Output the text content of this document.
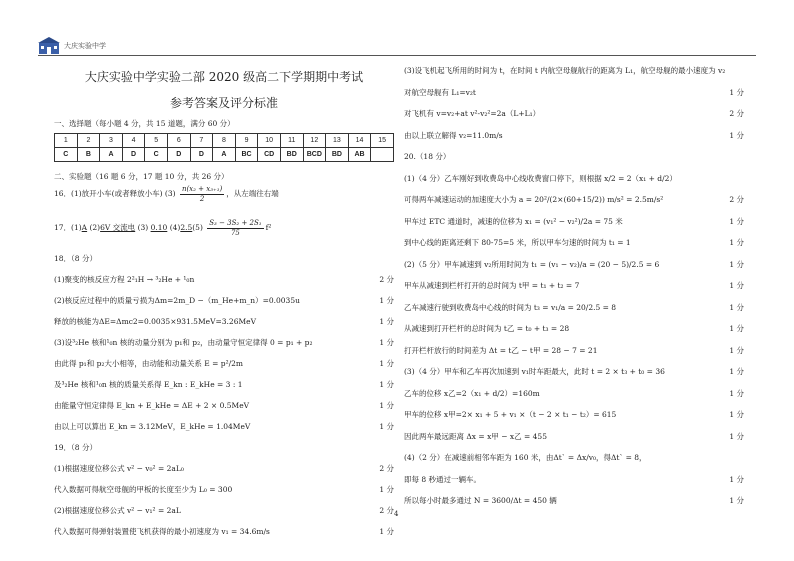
大庆实验中学
大庆实验中学实验二部 2020 级高二下学期期中考试
参考答案及评分标准
一、选择题（每小题 4 分，共 15 道题，满分 60 分）
1	2	3	4	5	6	7	8	9	10	11	12	13	14	15
C	B	A	D	C	D	D	A	BC	CD	BD	BCD	BD	AB	
二、实验题（16 题 6 分，17 题 10 分，共 26 分）
16．(1)放开小车(或者释放小车) $(3) \frac{\text{n(x₂ + x₃₊₁)}}{2}$ ，从左端往右端
17．(1)A (2)6V 交流电 (3) 0.10 $(4)2.5(5) \frac{\text{S₃ − 3S₂ + 2S₁}}{75} f^2$
18．（8 分）
(1)聚变的核反应方程 2²₁H → ³₂He + ¹₀n	2 分
(2)核反应过程中的质量亏损为Δm=2m_D −（m_He+m_n）=0.0035u	1 分
释放的核能为ΔE=Δmc2=0.0035×931.5MeV=3.26MeV	1 分
(3)设³₂He 核和¹₀n 核的动量分别为 p₁和 p₂，由动量守恒定律得 0 = p₁ + p₂	1 分
由此得 p₁和 p₂大小相等，由动能和动量关系 E = p²/2m	1 分
及³₂He 核和¹₀n 核的质量关系得 E_kn : E_kHe = 3 : 1	1 分
由能量守恒定律得 E_kn + E_kHe = ΔE + 2 × 0.5MeV	1 分
由以上可以算出 E_kn = 3.12MeV，E_kHe = 1.04MeV	1 分
19．（8 分）
(1)根据速度位移公式 v² − v₀² = 2aL₀	2 分
代入数据可得航空母舰的甲板的长度至少为 L₀ = 300	1 分
(2)根据速度位移公式 v² − v₁² = 2aL	2 分
代入数据可得弹射装置使飞机获得的最小初速度为 v₁ = 34.6m/s	1 分
(3)设飞机起飞所用的时间为 t，在时间 t 内航空母舰航行的距离为 L₁，航空母舰的最小速度为 v₂
对航空母舰有 L₁=v₂t	1 分
对飞机有 v=v₂+at v²-v₂²=2a（L+L₁）	2 分
由以上联立解得 v₂=11.0m/s	1 分
20.（18 分）
(1)（4 分）乙车刚好到收费岛中心线收费窗口停下，则根据 x/2 = 2（x₁ + d/2）
可得两车减速运动的加速度大小为 a = 20²/(2×(60+15/2)) m/s² = 2.5m/s²	2 分
甲车过 ETC 通道时，减速的位移为 x₁ = (v₁² − v₂²)/2a = 75 米	1 分
到中心线的距离还剩下 80-75=5 米，所以甲车匀速的时间为 t₁ = 1	1 分
(2)（5 分）甲车减速到 v₂所用时间为 t₁ = (v₁ − v₂)/a = (20 − 5)/2.5 = 6	1 分
甲车从减速到栏杆打开的总时间为 t甲 = t₁ + t₂ = 7	1 分
乙车减速行驶到收费岛中心线的时间为 t₃ = v₁/a = 20/2.5 = 8	1 分
从减速到打开栏杆的总时间为 t乙 = t₀ + t₃ = 28	1 分
打开栏杆放行的时间差为 Δt = t乙 − t甲 = 28 − 7 = 21	1 分
(3)（4 分）甲车和乙车再次加速到 v₁时车距最大，此时 t = 2 × t₃ + t₀ = 36	1 分
乙车的位移 x乙=2（x₁ + d/2）=160m	1 分
甲车的位移 x甲=2× x₁ + 5 + v₁ ×（t − 2 × t₁ − t₂）= 615	1 分
因此两车最远距离 Δx = x甲 − x乙 = 455	1 分
(4)（2 分）在减速前相邻车距为 160 米，由Δt` = Δx/v₀，得Δt` = 8，
即每 8 秒通过一辆车。	1 分
所以每小时最多通过 N = 3600/Δt = 450 辆	1 分
4
